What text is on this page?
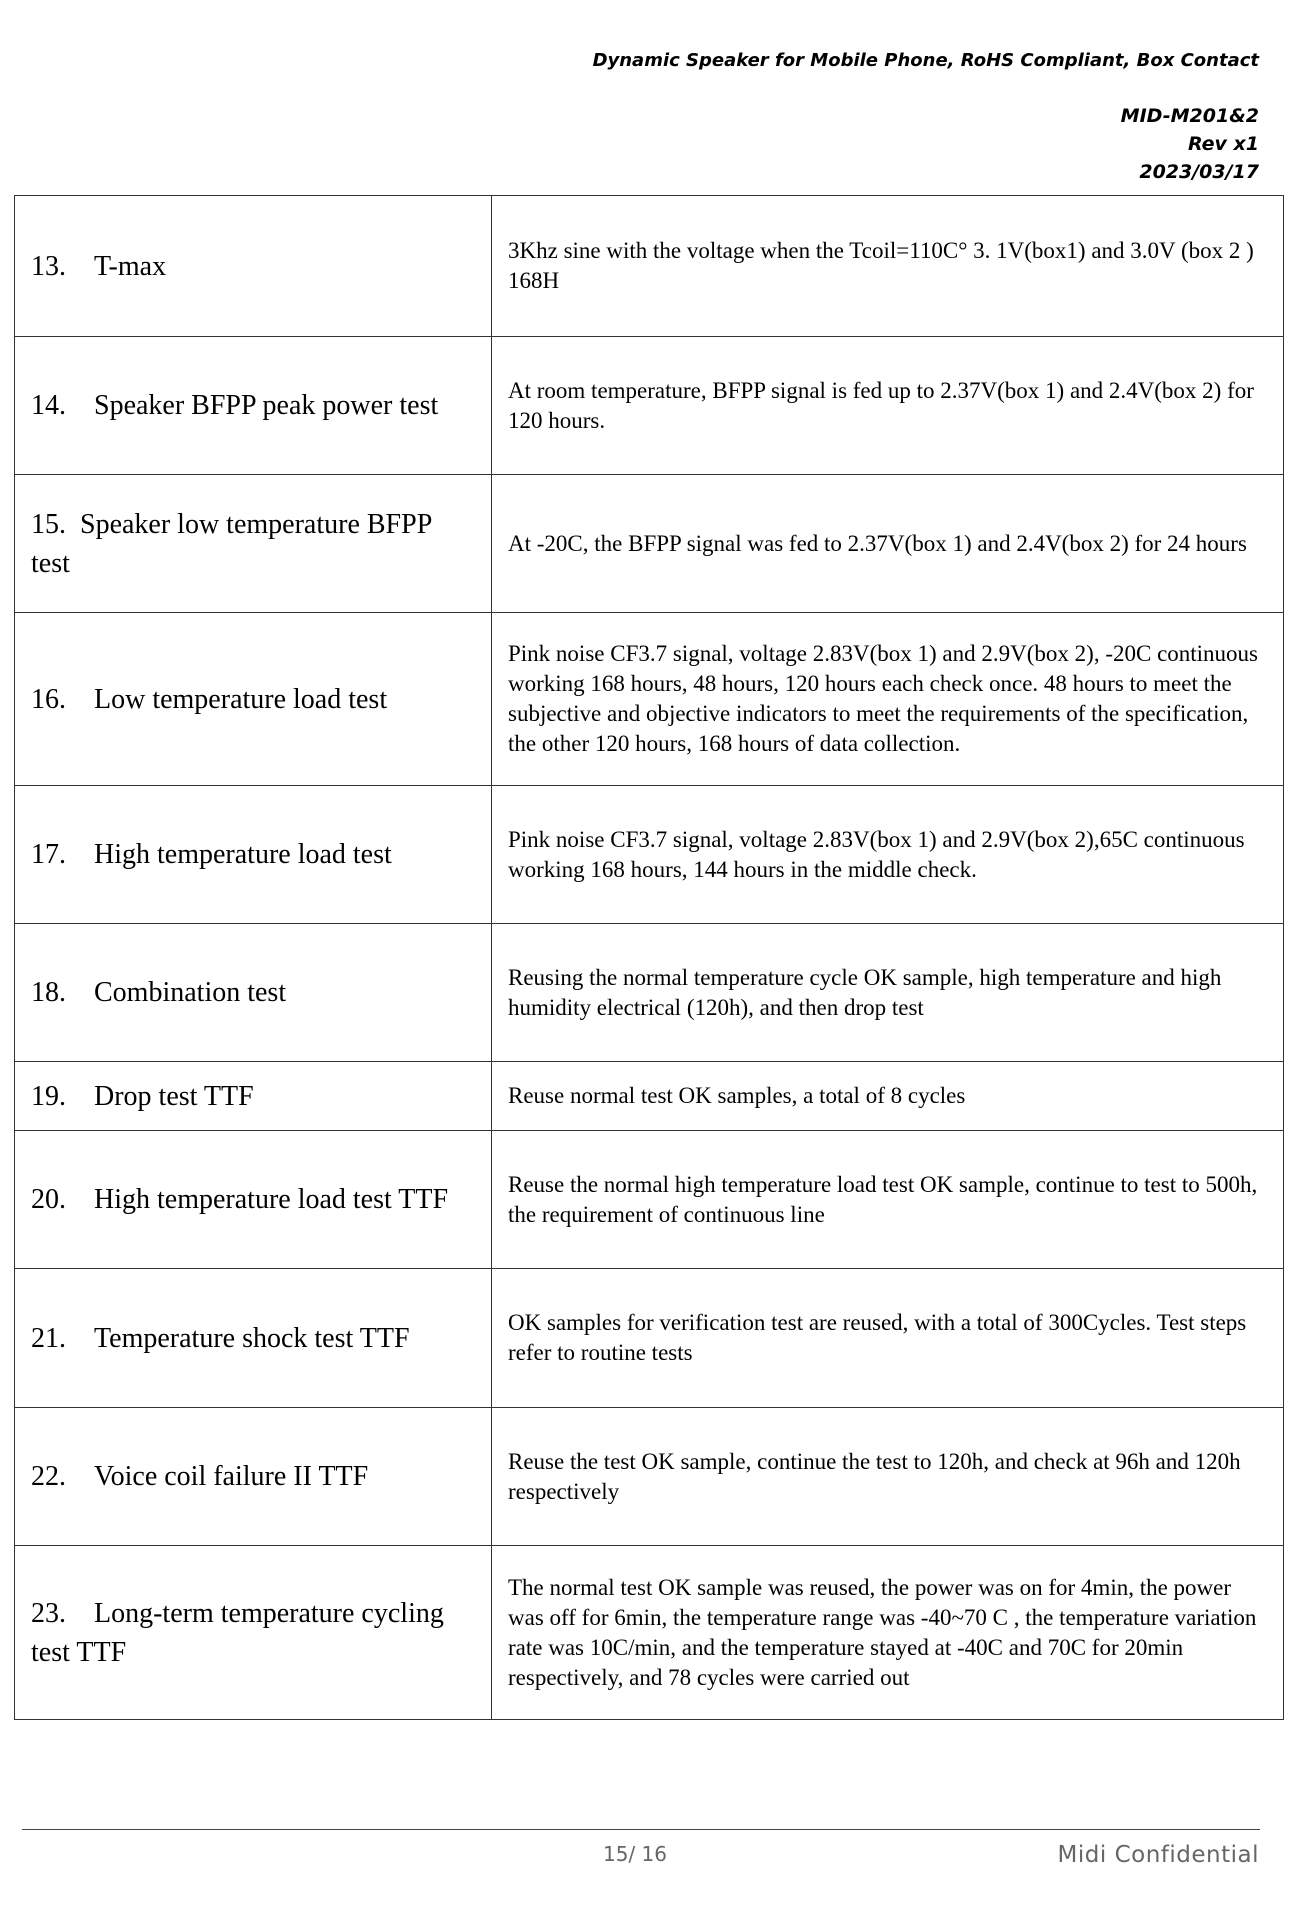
Dynamic Speaker for Mobile Phone, RoHS Compliant, Box Contact
MID-M201&2
Rev x1
2023/03/17
13. T-max	3Khz sine with the voltage when the Tcoil=110C° 3. 1V(box1) and 3.0V (box 2 ) 168H
14. Speaker BFPP peak power test	At room temperature, BFPP signal is fed up to 2.37V(box 1) and 2.4V(box 2) for 120 hours.
15. Speaker low temperature BFPP test	At -20C, the BFPP signal was fed to 2.37V(box 1) and 2.4V(box 2) for 24 hours
16. Low temperature load test	Pink noise CF3.7 signal, voltage 2.83V(box 1) and 2.9V(box 2), -20C continuous working 168 hours, 48 hours, 120 hours each check once. 48 hours to meet the subjective and objective indicators to meet the requirements of the specification, the other 120 hours, 168 hours of data collection.
17. High temperature load test	Pink noise CF3.7 signal, voltage 2.83V(box 1) and 2.9V(box 2),65C continuous working 168 hours, 144 hours in the middle check.
18. Combination test	Reusing the normal temperature cycle OK sample, high temperature and high humidity electrical (120h), and then drop test
19. Drop test TTF	Reuse normal test OK samples, a total of 8 cycles
20. High temperature load test TTF	Reuse the normal high temperature load test OK sample, continue to test to 500h, the requirement of continuous line
21. Temperature shock test TTF	OK samples for verification test are reused, with a total of 300Cycles. Test steps refer to routine tests
22. Voice coil failure II TTF	Reuse the test OK sample, continue the test to 120h, and check at 96h and 120h respectively
23. Long-term temperature cycling test TTF	The normal test OK sample was reused, the power was on for 4min, the power was off for 6min, the temperature range was -40~70 C , the temperature variation rate was 10C/min, and the temperature stayed at -40C and 70C for 20min respectively, and 78 cycles were carried out
15/ 16	Midi Confidential
